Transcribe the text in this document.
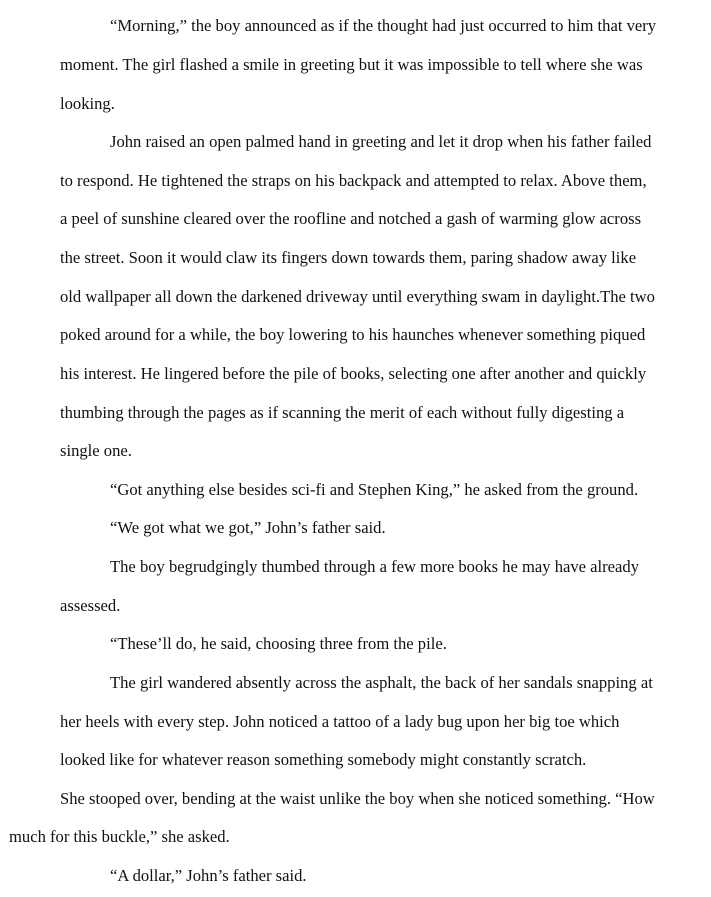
“Morning,” the boy announced as if the thought had just occurred to him that very
moment. The girl flashed a smile in greeting but it was impossible to tell where she was
looking.
John raised an open palmed hand in greeting and let it drop when his father failed
to respond. He tightened the straps on his backpack and attempted to relax. Above them,
a peel of sunshine cleared over the roofline and notched a gash of warming glow across
the street. Soon it would claw its fingers down towards them, paring shadow away like
old wallpaper all down the darkened driveway until everything swam in daylight.The two
poked around for a while, the boy lowering to his haunches whenever something piqued
his interest. He lingered before the pile of books, selecting one after another and quickly
thumbing through the pages as if scanning the merit of each without fully digesting a
single one.
“Got anything else besides sci-fi and Stephen King,” he asked from the ground.
“We got what we got,” John’s father said.
The boy begrudgingly thumbed through a few more books he may have already
assessed.
“These’ll do, he said, choosing three from the pile.
The girl wandered absently across the asphalt, the back of her sandals snapping at
her heels with every step. John noticed a tattoo of a lady bug upon her big toe which
looked like for whatever reason something somebody might constantly scratch.
She stooped over, bending at the waist unlike the boy when she noticed something. “How
much for this buckle,” she asked.
“A dollar,” John’s father said.
